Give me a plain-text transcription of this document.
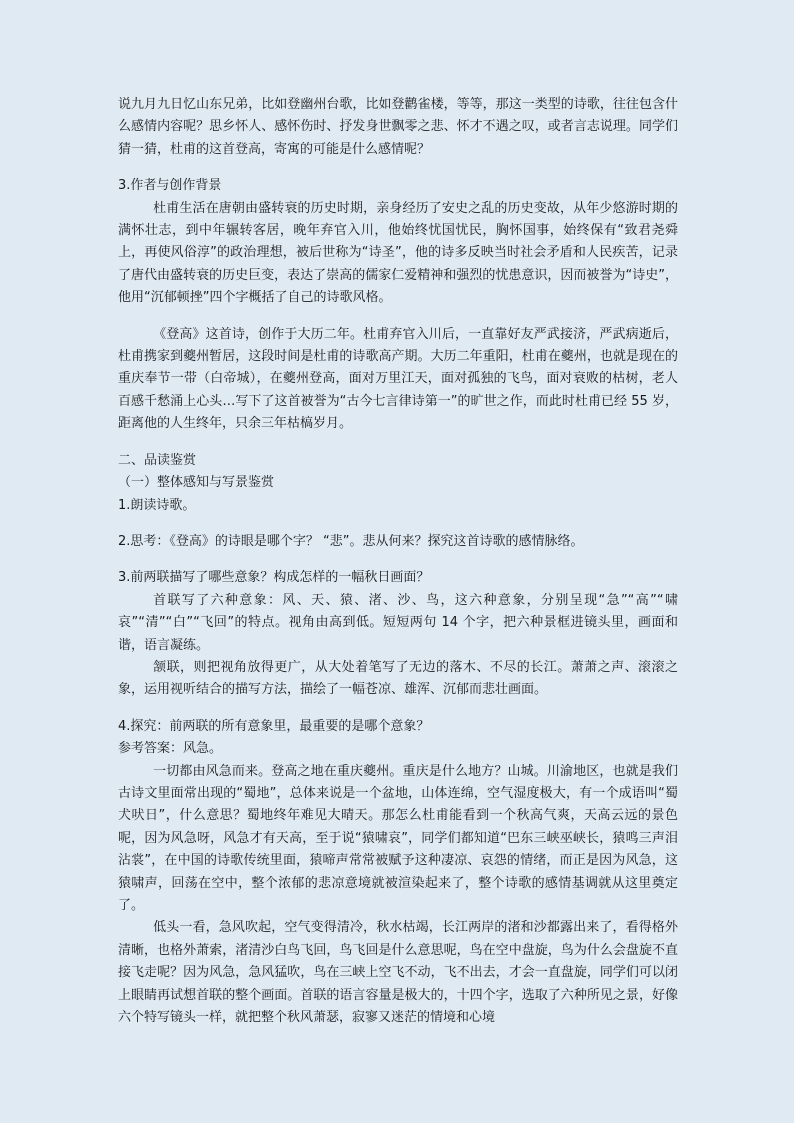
说九月九日忆山东兄弟，比如登幽州台歌，比如登鹳雀楼，等等，那这一类型的诗歌，往往包含什么感情内容呢？思乡怀人、感怀伤时、抒发身世飘零之悲、怀才不遇之叹，或者言志说理。同学们猜一猜，杜甫的这首登高，寄寓的可能是什么感情呢？

3.作者与创作背景

杜甫生活在唐朝由盛转衰的历史时期，亲身经历了安史之乱的历史变故，从年少悠游时期的满怀壮志，到中年辗转客居，晚年弃官入川，他始终忧国忧民，胸怀国事，始终保有“致君尧舜上，再使风俗淳”的政治理想，被后世称为“诗圣”，他的诗多反映当时社会矛盾和人民疾苦，记录了唐代由盛转衰的历史巨变，表达了崇高的儒家仁爱精神和强烈的忧患意识，因而被誉为“诗史”，他用“沉郁顿挫”四个字概括了自己的诗歌风格。

《登高》这首诗，创作于大历二年。杜甫弃官入川后，一直靠好友严武接济，严武病逝后，杜甫携家到夔州暂居，这段时间是杜甫的诗歌高产期。大历二年重阳，杜甫在夔州，也就是现在的重庆奉节一带（白帝城），在夔州登高，面对万里江天，面对孤独的飞鸟，面对衰败的枯树，老人百感千愁涌上心头…写下了这首被誉为“古今七言律诗第一”的旷世之作，而此时杜甫已经 55 岁，距离他的人生终年，只余三年枯槁岁月。

二、品读鉴赏

（一）整体感知与写景鉴赏

1.朗读诗歌。

2.思考：《登高》的诗眼是哪个字？ “悲”。悲从何来？探究这首诗歌的感情脉络。

3.前两联描写了哪些意象？构成怎样的一幅秋日画面？

首联写了六种意象：风、天、猿、渚、沙、鸟，这六种意象，分别呈现“急”“高”“啸哀”“清”“白”“飞回”的特点。视角由高到低。短短两句 14 个字，把六种景框进镜头里，画面和谐，语言凝练。

颔联，则把视角放得更广，从大处着笔写了无边的落木、不尽的长江。萧萧之声、滚滚之象，运用视听结合的描写方法，描绘了一幅苍凉、雄浑、沉郁而悲壮画面。

4.探究：前两联的所有意象里，最重要的是哪个意象？

参考答案：风急。

一切都由风急而来。登高之地在重庆夔州。重庆是什么地方？山城。川渝地区，也就是我们古诗文里面常出现的“蜀地”，总体来说是一个盆地，山体连绵，空气湿度极大，有一个成语叫“蜀犬吠日”，什么意思？蜀地终年难见大晴天。那怎么杜甫能看到一个秋高气爽，天高云远的景色呢，因为风急呀，风急才有天高，至于说“猿啸哀”，同学们都知道“巴东三峡巫峡长，猿鸣三声泪沾裳”，在中国的诗歌传统里面，猿啼声常常被赋予这种凄凉、哀怨的情绪，而正是因为风急，这猿啸声，回荡在空中，整个浓郁的悲凉意境就被渲染起来了，整个诗歌的感情基调就从这里奠定了。

低头一看，急风吹起，空气变得清冷，秋水枯竭，长江两岸的渚和沙都露出来了，看得格外清晰，也格外萧索，渚清沙白鸟飞回，鸟飞回是什么意思呢，鸟在空中盘旋，鸟为什么会盘旋不直接飞走呢？因为风急，急风猛吹，鸟在三峡上空飞不动，飞不出去，才会一直盘旋，同学们可以闭上眼睛再试想首联的整个画面。首联的语言容量是极大的，十四个字，选取了六种所见之景，好像六个特写镜头一样，就把整个秋风萧瑟，寂寥又迷茫的情境和心境
